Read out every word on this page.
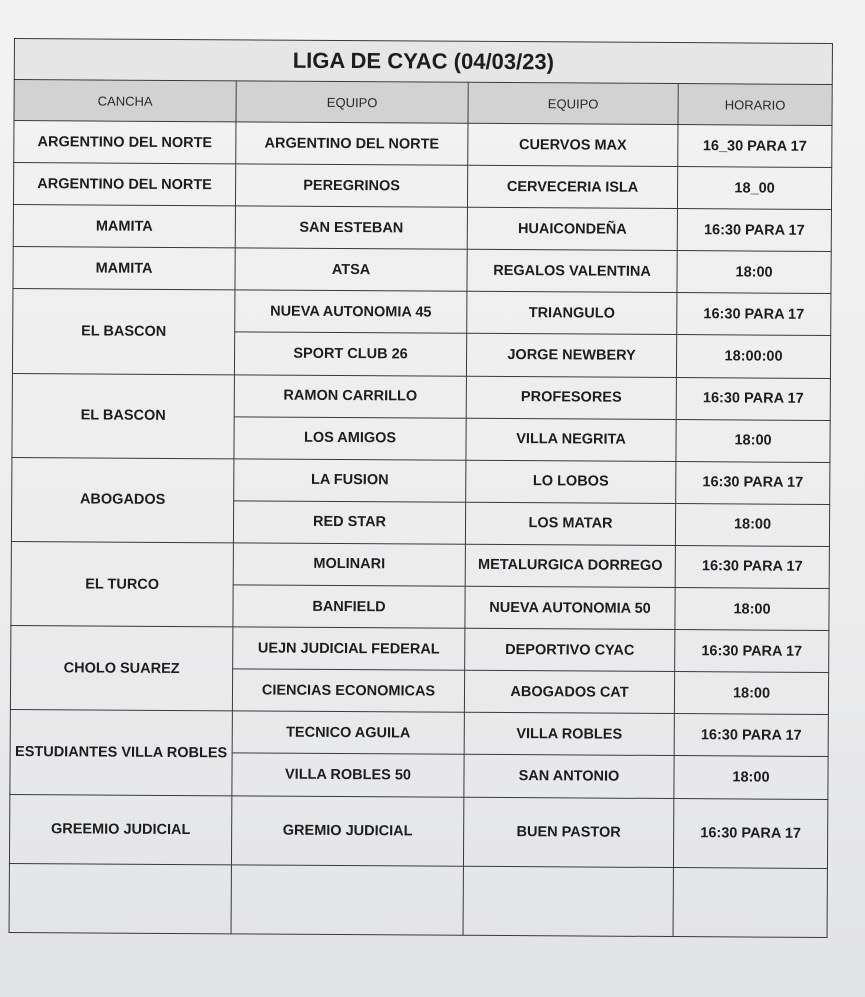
LIGA DE CYAC (04/03/23)			
CANCHA	EQUIPO	EQUIPO	HORARIO
ARGENTINO DEL NORTE	ARGENTINO DEL NORTE	CUERVOS MAX	16_30 PARA 17
ARGENTINO DEL NORTE	PEREGRINOS	CERVECERIA ISLA	18_00
MAMITA	SAN ESTEBAN	HUAICONDEÑA	16:30 PARA 17
MAMITA	ATSA	REGALOS VALENTINA	18:00
EL BASCON	NUEVA AUTONOMIA 45	TRIANGULO	16:30 PARA 17
	SPORT CLUB 26	JORGE NEWBERY	18:00:00
EL BASCON	RAMON CARRILLO	PROFESORES	16:30 PARA 17
	LOS AMIGOS	VILLA NEGRITA	18:00
ABOGADOS	LA FUSION	LO LOBOS	16:30 PARA 17
	RED STAR	LOS MATAR	18:00
EL TURCO	MOLINARI	METALURGICA DORREGO	16:30 PARA 17
	BANFIELD	NUEVA AUTONOMIA 50	18:00
CHOLO SUAREZ	UEJN JUDICIAL FEDERAL	DEPORTIVO CYAC	16:30 PARA 17
	CIENCIAS ECONOMICAS	ABOGADOS CAT	18:00
ESTUDIANTES VILLA ROBLES	TECNICO AGUILA	VILLA ROBLES	16:30 PARA 17
	VILLA ROBLES 50	SAN ANTONIO	18:00
GREEMIO JUDICIAL	GREMIO JUDICIAL	BUEN PASTOR	16:30 PARA 17
